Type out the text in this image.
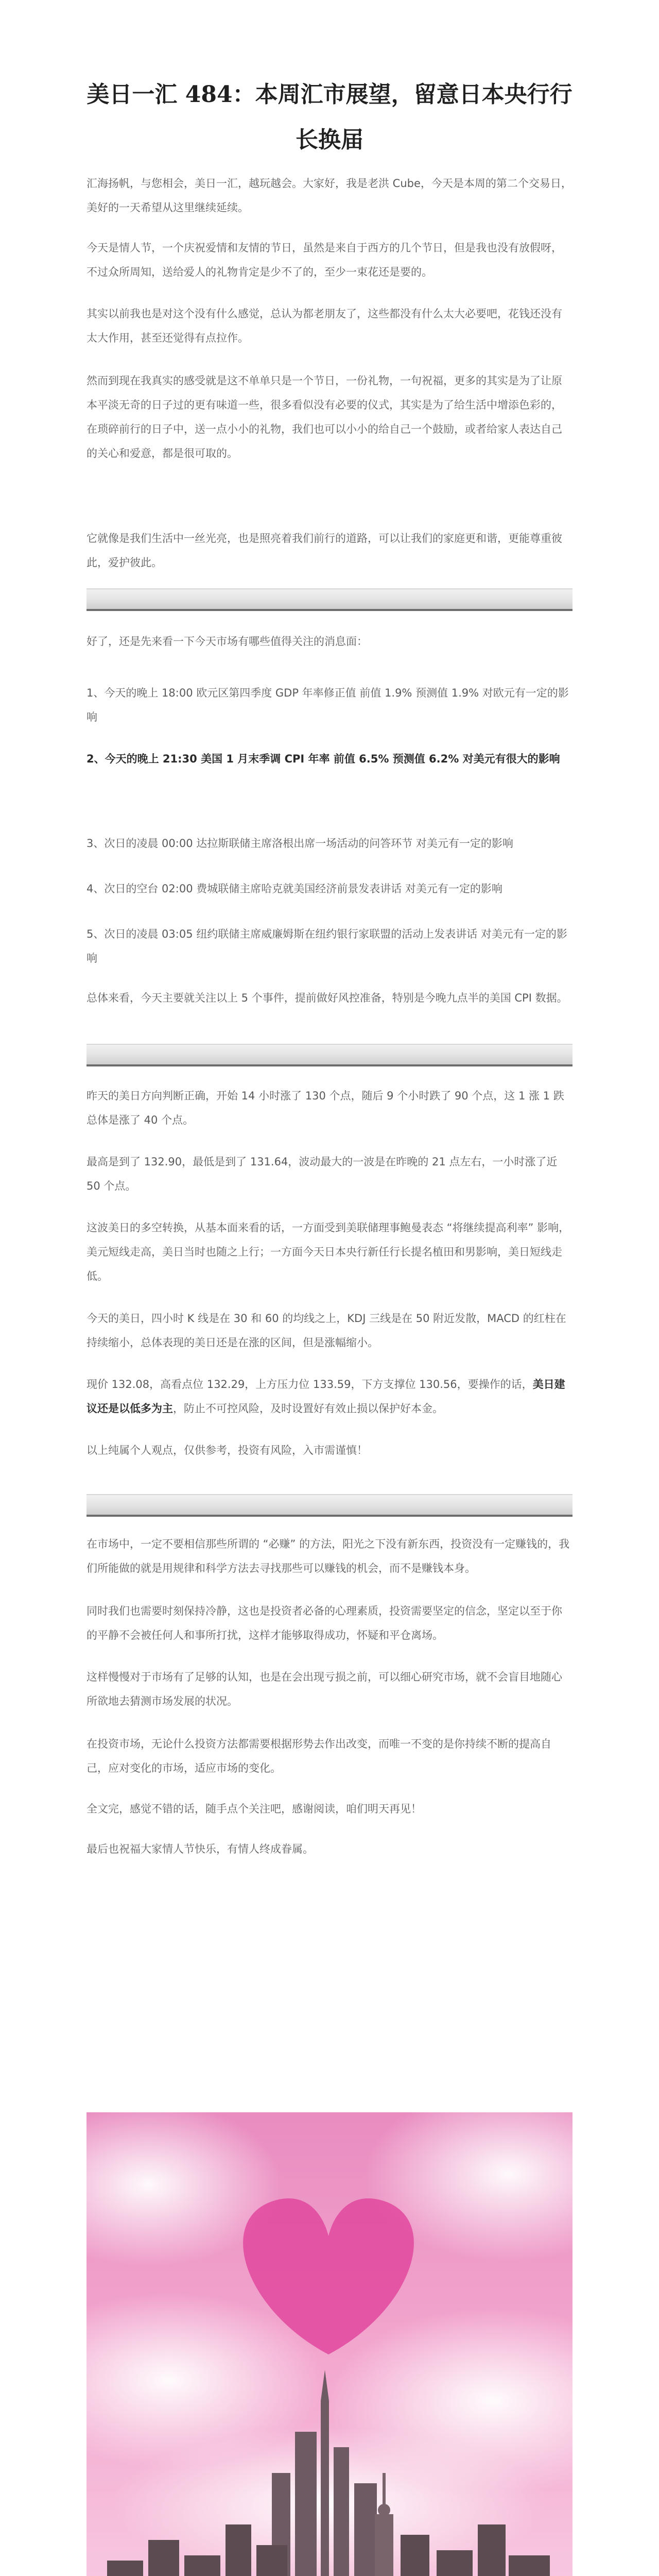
美日一汇 484：本周汇市展望，留意日本央行行长换届

汇海扬帆，与您相会，美日一汇，越玩越会。大家好，我是老洪 Cube，今天是本周的第二个交易日，美好的一天希望从这里继续延续。

今天是情人节，一个庆祝爱情和友情的节日，虽然是来自于西方的几个节日，但是我也没有放假呀，不过众所周知，送给爱人的礼物肯定是少不了的，至少一束花还是要的。

其实以前我也是对这个没有什么感觉，总认为都老朋友了，这些都没有什么太大必要吧，花钱还没有太大作用，甚至还觉得有点拉作。

然而到现在我真实的感受就是这不单单只是一个节日，一份礼物，一句祝福，更多的其实是为了让原本平淡无奇的日子过的更有味道一些，很多看似没有必要的仪式，其实是为了给生活中增添色彩的，在琐碎前行的日子中，送一点小小的礼物，我们也可以小小的给自己一个鼓励，或者给家人表达自己的关心和爱意，都是很可取的。

它就像是我们生活中一丝光亮，也是照亮着我们前行的道路，可以让我们的家庭更和谐，更能尊重彼此，爱护彼此。

好了，还是先来看一下今天市场有哪些值得关注的消息面：

1、今天的晚上 18:00 欧元区第四季度 GDP 年率修正值 前值 1.9% 预测值 1.9% 对欧元有一定的影响

2、今天的晚上 21:30 美国 1 月末季调 CPI 年率 前值 6.5% 预测值 6.2% 对美元有很大的影响

3、次日的凌晨 00:00 达拉斯联储主席洛根出席一场活动的问答环节 对美元有一定的影响

4、次日的空台 02:00 费城联储主席哈克就美国经济前景发表讲话 对美元有一定的影响

5、次日的凌晨 03:05 纽约联储主席威廉姆斯在纽约银行家联盟的活动上发表讲话 对美元有一定的影响

总体来看，今天主要就关注以上 5 个事件，提前做好风控准备，特别是今晚九点半的美国 CPI 数据。

昨天的美日方向判断正确，开始 14 小时涨了 130 个点，随后 9 个小时跌了 90 个点，这 1 涨 1 跌总体是涨了 40 个点。

最高是到了 132.90，最低是到了 131.64，波动最大的一波是在昨晚的 21 点左右，一小时涨了近 50 个点。

这波美日的多空转换，从基本面来看的话，一方面受到美联储理事鲍曼表态 “将继续提高利率” 影响，美元短线走高，美日当时也随之上行；一方面今天日本央行新任行长提名植田和男影响，美日短线走低。

今天的美日，四小时 K 线是在 30 和 60 的均线之上，KDJ 三线是在 50 附近发散，MACD 的红柱在持续缩小，总体表现的美日还是在涨的区间，但是涨幅缩小。

现价 132.08，高看点位 132.29，上方压力位 133.59，下方支撑位 130.56，要操作的话，美日建议还是以低多为主，防止不可控风险，及时设置好有效止损以保护好本金。

以上纯属个人观点，仅供参考，投资有风险，入市需谨慎！

在市场中，一定不要相信那些所谓的 “必赚” 的方法，阳光之下没有新东西，投资没有一定赚钱的，我们所能做的就是用规律和科学方法去寻找那些可以赚钱的机会，而不是赚钱本身。

同时我们也需要时刻保持冷静，这也是投资者必备的心理素质，投资需要坚定的信念，坚定以至于你的平静不会被任何人和事所打扰，这样才能够取得成功，怀疑和平仓离场。

这样慢慢对于市场有了足够的认知，也是在会出现亏损之前，可以细心研究市场，就不会盲目地随心所欲地去猜测市场发展的状况。

在投资市场，无论什么投资方法都需要根据形势去作出改变，而唯一不变的是你持续不断的提高自己，应对变化的市场，适应市场的变化。

全文完，感觉不错的话，随手点个关注吧，感谢阅读，咱们明天再见！

最后也祝福大家情人节快乐，有情人终成眷属。
